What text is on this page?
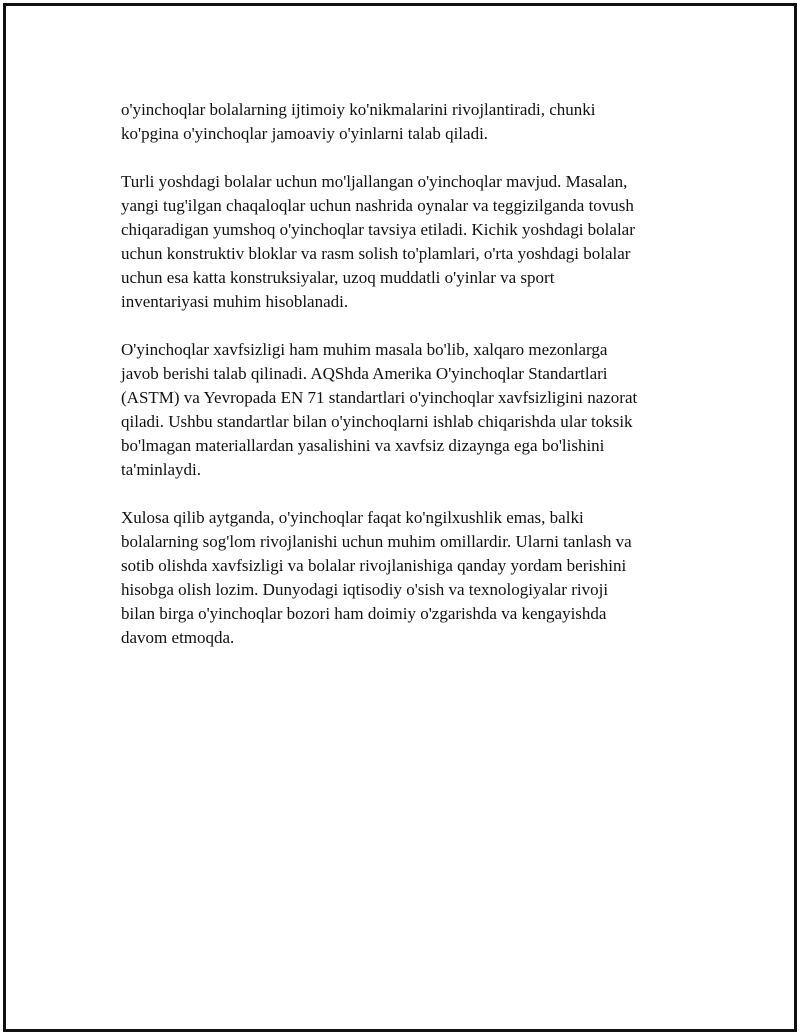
o'yinchoqlar bolalarning ijtimoiy ko'nikmalarini rivojlantiradi, chunki
ko'pgina o'yinchoqlar jamoaviy o'yinlarni talab qiladi.

Turli yoshdagi bolalar uchun mo'ljallangan o'yinchoqlar mavjud. Masalan,
yangi tug'ilgan chaqaloqlar uchun nashrida oynalar va teggizilganda tovush
chiqaradigan yumshoq o'yinchoqlar tavsiya etiladi. Kichik yoshdagi bolalar
uchun konstruktiv bloklar va rasm solish to'plamlari, o'rta yoshdagi bolalar
uchun esa katta konstruksiyalar, uzoq muddatli o'yinlar va sport
inventariyasi muhim hisoblanadi.

O'yinchoqlar xavfsizligi ham muhim masala bo'lib, xalqaro mezonlarga
javob berishi talab qilinadi. AQShda Amerika O'yinchoqlar Standartlari
(ASTM) va Yevropada EN 71 standartlari o'yinchoqlar xavfsizligini nazorat
qiladi. Ushbu standartlar bilan o'yinchoqlarni ishlab chiqarishda ular toksik
bo'lmagan materiallardan yasalishini va xavfsiz dizaynga ega bo'lishini
ta'minlaydi.

Xulosa qilib aytganda, o'yinchoqlar faqat ko'ngilxushlik emas, balki
bolalarning sog'lom rivojlanishi uchun muhim omillardir. Ularni tanlash va
sotib olishda xavfsizligi va bolalar rivojlanishiga qanday yordam berishini
hisobga olish lozim. Dunyodagi iqtisodiy o'sish va texnologiyalar rivoji
bilan birga o'yinchoqlar bozori ham doimiy o'zgarishda va kengayishda
davom etmoqda.
